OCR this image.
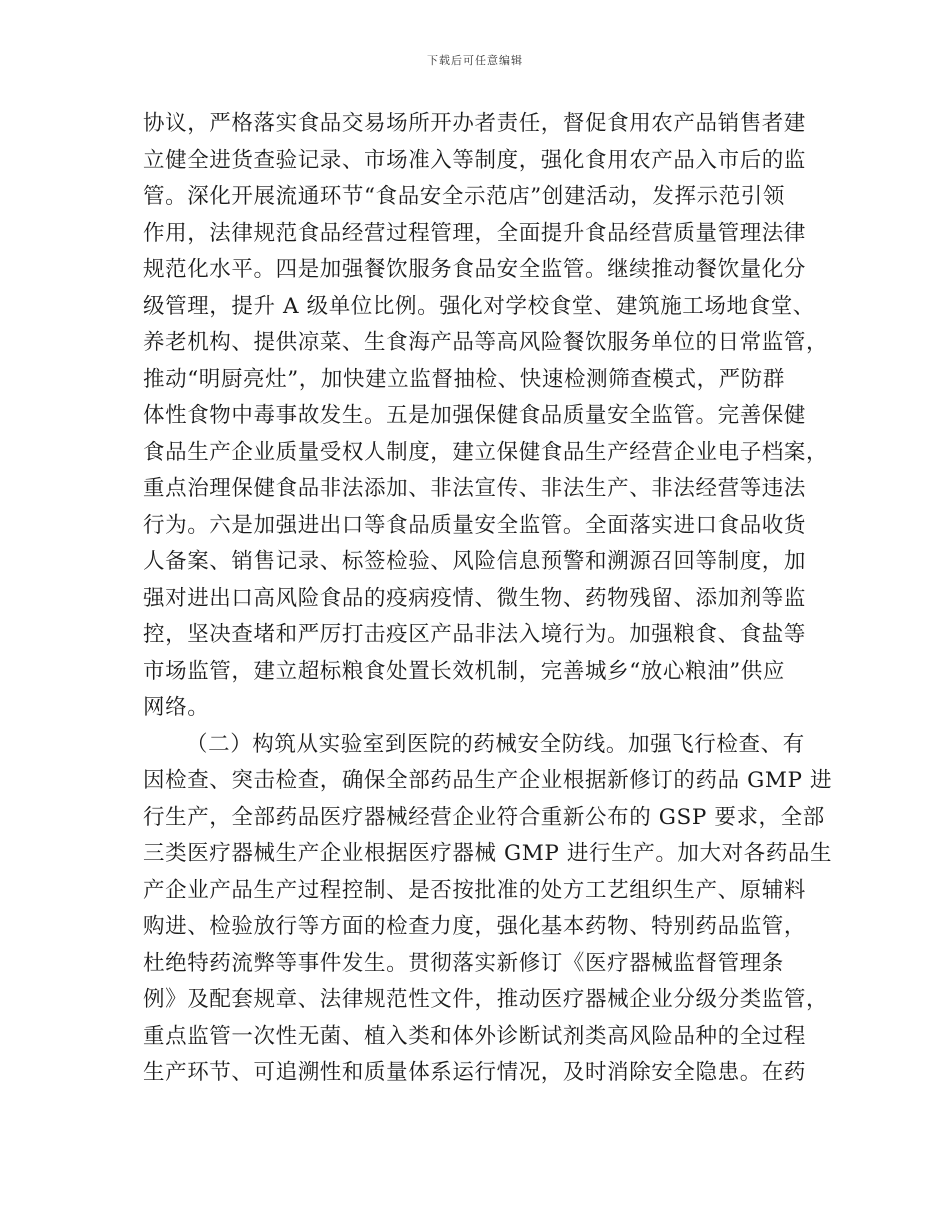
下载后可任意编辑
协议，严格落实食品交易场所开办者责任，督促食用农产品销售者建
立健全进货查验记录、市场准入等制度，强化食用农产品入市后的监
管。深化开展流通环节“食品安全示范店”创建活动，发挥示范引领
作用，法律规范食品经营过程管理，全面提升食品经营质量管理法律
规范化水平。四是加强餐饮服务食品安全监管。继续推动餐饮量化分
级管理，提升 A 级单位比例。强化对学校食堂、建筑施工场地食堂、
养老机构、提供凉菜、生食海产品等高风险餐饮服务单位的日常监管，
推动“明厨亮灶”，加快建立监督抽检、快速检测筛查模式，严防群
体性食物中毒事故发生。五是加强保健食品质量安全监管。完善保健
食品生产企业质量受权人制度，建立保健食品生产经营企业电子档案，
重点治理保健食品非法添加、非法宣传、非法生产、非法经营等违法
行为。六是加强进出口等食品质量安全监管。全面落实进口食品收货
人备案、销售记录、标签检验、风险信息预警和溯源召回等制度，加
强对进出口高风险食品的疫病疫情、微生物、药物残留、添加剂等监
控，坚决查堵和严厉打击疫区产品非法入境行为。加强粮食、食盐等
市场监管，建立超标粮食处置长效机制，完善城乡“放心粮油”供应
网络。
（二）构筑从实验室到医院的药械安全防线。加强飞行检查、有
因检查、突击检查，确保全部药品生产企业根据新修订的药品 GMP 进
行生产，全部药品医疗器械经营企业符合重新公布的 GSP 要求，全部
三类医疗器械生产企业根据医疗器械 GMP 进行生产。加大对各药品生
产企业产品生产过程控制、是否按批准的处方工艺组织生产、原辅料
购进、检验放行等方面的检查力度，强化基本药物、特别药品监管，
杜绝特药流弊等事件发生。贯彻落实新修订《医疗器械监督管理条
例》及配套规章、法律规范性文件，推动医疗器械企业分级分类监管，
重点监管一次性无菌、植入类和体外诊断试剂类高风险品种的全过程
生产环节、可追溯性和质量体系运行情况，及时消除安全隐患。在药
